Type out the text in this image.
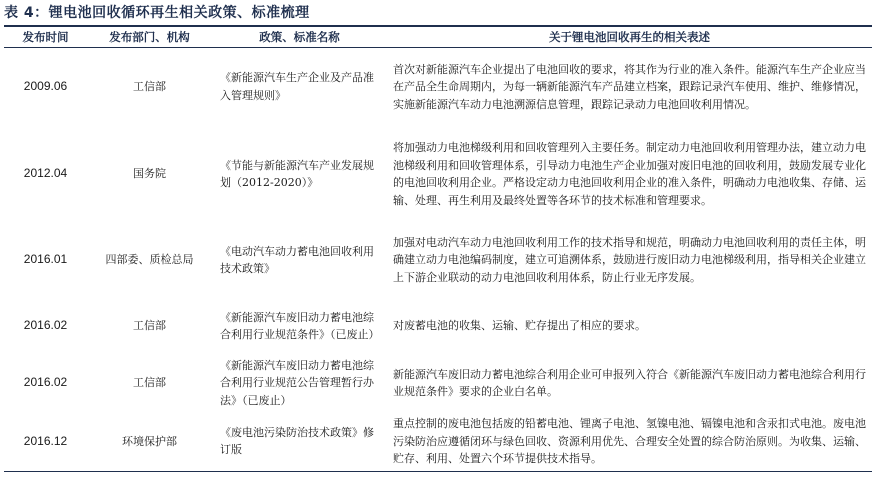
表 4：锂电池回收循环再生相关政策、标准梳理
发布时间	发布部门、机构	政策、标准名称	关于锂电池回收再生的相关表述
2009.06	工信部	《新能源汽车生产企业及产品准入管理规则》	首次对新能源汽车企业提出了电池回收的要求，将其作为行业的准入条件。能源汽车生产企业应当在产品全生命周期内，为每一辆新能源汽车产品建立档案，跟踪记录汽车使用、维护、维修情况，实施新能源汽车动力电池溯源信息管理，跟踪记录动力电池回收利用情况。
2012.04	国务院	《节能与新能源汽车产业发展规划（2012-2020）》	将加强动力电池梯级利用和回收管理列入主要任务。制定动力电池回收利用管理办法，建立动力电池梯级利用和回收管理体系，引导动力电池生产企业加强对废旧电池的回收利用，鼓励发展专业化的电池回收利用企业。严格设定动力电池回收利用企业的准入条件，明确动力电池收集、存储、运输、处理、再生利用及最终处置等各环节的技术标准和管理要求。
2016.01	四部委、质检总局	《电动汽车动力蓄电池回收利用技术政策》	加强对电动汽车动力电池回收利用工作的技术指导和规范，明确动力电池回收利用的责任主体，明确建立动力电池编码制度，建立可追溯体系，鼓励进行废旧动力电池梯级利用，指导相关企业建立上下游企业联动的动力电池回收利用体系，防止行业无序发展。
2016.02	工信部	《新能源汽车废旧动力蓄电池综合利用行业规范条件》（已废止）	对废蓄电池的收集、运输、贮存提出了相应的要求。
2016.02	工信部	《新能源汽车废旧动力蓄电池综合利用行业规范公告管理暂行办法》（已废止）	新能源汽车废旧动力蓄电池综合利用企业可申报列入符合《新能源汽车废旧动力蓄电池综合利用行业规范条件》要求的企业白名单。
2016.12	环境保护部	《废电池污染防治技术政策》修订版	重点控制的废电池包括废的铅蓄电池、锂离子电池、氢镍电池、镉镍电池和含汞扣式电池。废电池污染防治应遵循闭环与绿色回收、资源利用优先、合理安全处置的综合防治原则。为收集、运输、贮存、利用、处置六个环节提供技术指导。
